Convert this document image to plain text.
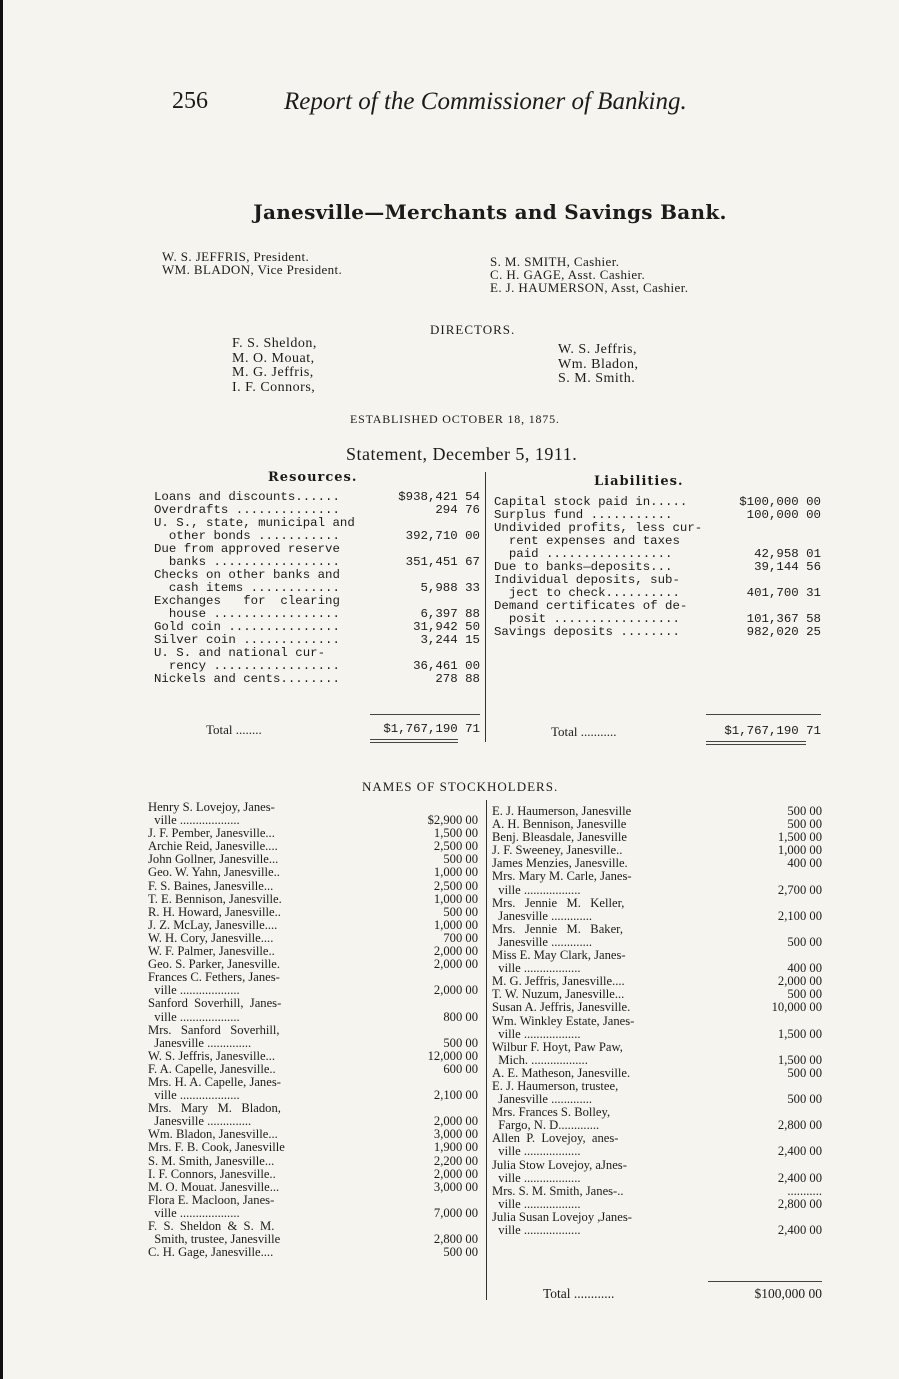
256	Report of the Commissioner of Banking.
Janesville—Merchants and Savings Bank.
W. S. JEFFRIS, President.
WM. BLADON, Vice President.
S. M. SMITH, Cashier.
C. H. GAGE, Asst. Cashier.
E. J. HAUMERSON, Asst, Cashier.
DIRECTORS.
F. S. Sheldon,
M. O. Mouat,
M. G. Jeffris,
I. F. Connors,
W. S. Jeffris,
Wm. Bladon,
S. M. Smith.
ESTABLISHED OCTOBER 18, 1875.
Statement, December 5, 1911.
Resources.	Liabilities.
Loans and discounts......	$938,421 54
Overdrafts ..............	294 76
U. S., state, municipal and
other bonds ...........	392,710 00
Due from approved reserve
banks .................	351,451 67
Checks on other banks and
cash items ............	5,988 33
Exchanges   for  clearing
house .................	6,397 88
Gold coin ...............	31,942 50
Silver coin .............	3,244 15
U. S. and national cur-
rency .................	36,461 00
Nickels and cents........	278 88
Capital stock paid in.....	$100,000 00
Surplus fund ...........	100,000 00
Undivided profits, less cur-
rent expenses and taxes
paid .................	42,958 01
Due to banks—deposits...	39,144 56
Individual deposits, sub-
ject to check..........	401,700 31
Demand certificates of de-
posit .................	101,367 58
Savings deposits ........	982,020 25
Total ........	$1,767,190 71	Total ...........	$1,767,190 71
NAMES OF STOCKHOLDERS.
Henry S. Lovejoy, Janes-
ville ...................	$2,900 00
J. F. Pember, Janesville...	1,500 00
Archie Reid, Janesville....	2,500 00
John Gollner, Janesville...	500 00
Geo. W. Yahn, Janesville..	1,000 00
F. S. Baines, Janesville...	2,500 00
T. E. Bennison, Janesville.	1,000 00
R. H. Howard, Janesville..	500 00
J. Z. McLay, Janesville....	1,000 00
W. H. Cory, Janesville....	700 00
W. F. Palmer, Janesville..	2,000 00
Geo. S. Parker, Janesville.	2,000 00
Frances C. Fethers, Janes-
ville ...................	2,000 00
Sanford  Soverhill,  Janes-
ville ...................	800 00
Mrs.   Sanford   Soverhill,
Janesville ..............	500 00
W. S. Jeffris, Janesville...	12,000 00
F. A. Capelle, Janesville..	600 00
Mrs. H. A. Capelle, Janes-
ville ...................	2,100 00
Mrs.   Mary   M.   Bladon,
Janesville ..............	2,000 00
Wm. Bladon, Janesville...	3,000 00
Mrs. F. B. Cook, Janesville	1,900 00
S. M. Smith, Janesville...	2,200 00
I. F. Connors, Janesville..	2,000 00
M. O. Mouat. Janesville...	3,000 00
Flora E. Macloon, Janes-
ville ...................	7,000 00
F.  S.  Sheldon  &  S.  M.
Smith, trustee, Janesville	2,800 00
C. H. Gage, Janesville....	500 00
E. J. Haumerson, Janesville	500 00
A. H. Bennison, Janesville	500 00
Benj. Bleasdale, Janesville	1,500 00
J. F. Sweeney, Janesville..	1,000 00
James Menzies, Janesville.	400 00
Mrs. Mary M. Carle, Janes-
ville ..................	2,700 00
Mrs.   Jennie   M.   Keller,
Janesville .............	2,100 00
Mrs.   Jennie   M.   Baker,
Janesville .............	500 00
Miss E. May Clark, Janes-
ville ..................	400 00
M. G. Jeffris, Janesville....	2,000 00
T. W. Nuzum, Janesville...	500 00
Susan A. Jeffris, Janesville.	10,000 00
Wm. Winkley Estate, Janes-
ville ..................	1,500 00
Wilbur F. Hoyt, Paw Paw,
Mich. ..................	1,500 00
A. E. Matheson, Janesville.	500 00
E. J. Haumerson, trustee,
Janesville .............	500 00
Mrs. Frances S. Bolley,
Fargo, N. D.............	2,800 00
Allen  P.  Lovejoy,  anes-
ville ..................	2,400 00
Julia Stow Lovejoy, aJnes-
ville ..................	2,400 00
Mrs. S. M. Smith, Janes-..	...........
ville ..................	2,800 00
Julia Susan Lovejoy ,Janes-
ville ..................	2,400 00
Total ............	$100,000 00
